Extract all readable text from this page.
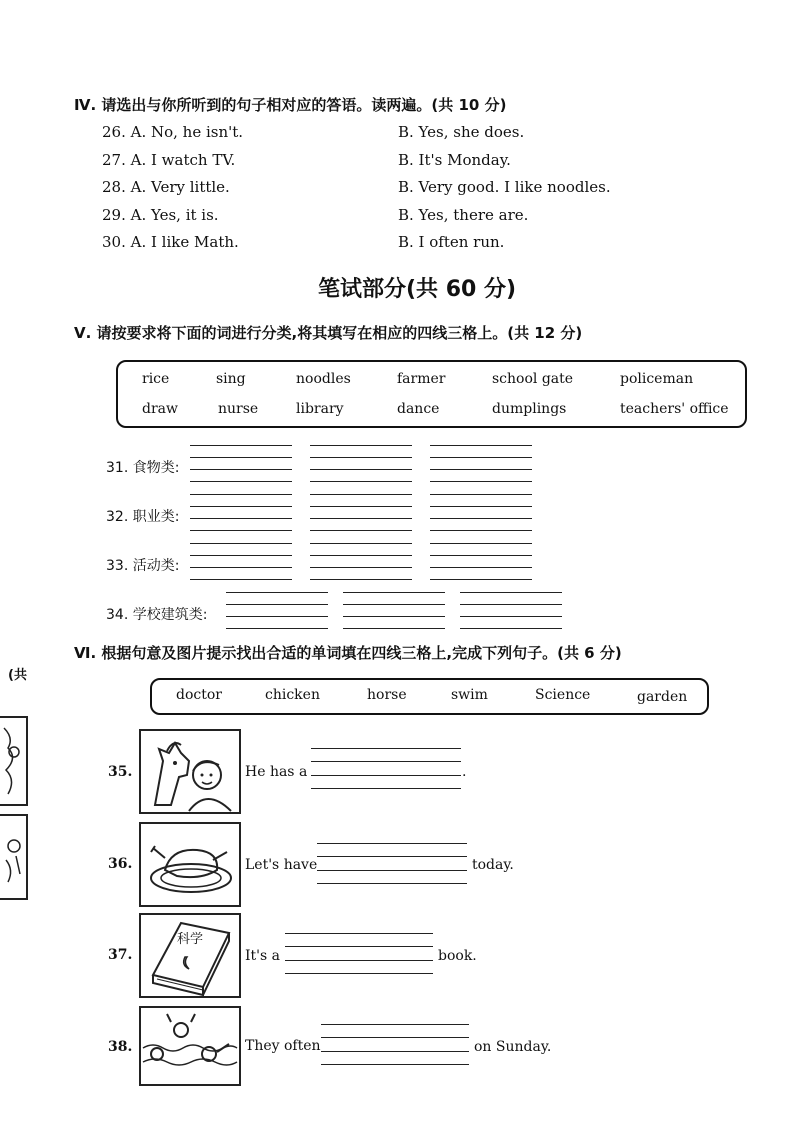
Ⅳ. 请选出与你所听到的句子相对应的答语。读两遍。(共 10 分)
26. A. No, he isn't.	B. Yes, she does.
27. A. I watch TV.	B. It's Monday.
28. A. Very little.	B. Very good. I like noodles.
29. A. Yes, it is.	B. Yes, there are.
30. A. I like Math.	B. I often run.
笔试部分(共 60 分)
Ⅴ. 请按要求将下面的词进行分类,将其填写在相应的四线三格上。(共 12 分)
rice	sing	noodles	farmer	school gate	policeman
draw	nurse	library	dance	dumplings	teachers' office
31. 食物类:
32. 职业类:
33. 活动类:
34. 学校建筑类:
Ⅵ. 根据句意及图片提示找出合适的单词填在四线三格上,完成下列句子。(共 6 分)
doctor	chicken	horse	swim	Science	garden
35.	He has a	.
36.	Let's have	today.
37.
科学
It's a	book.
38.	They often	on Sunday.
(共
